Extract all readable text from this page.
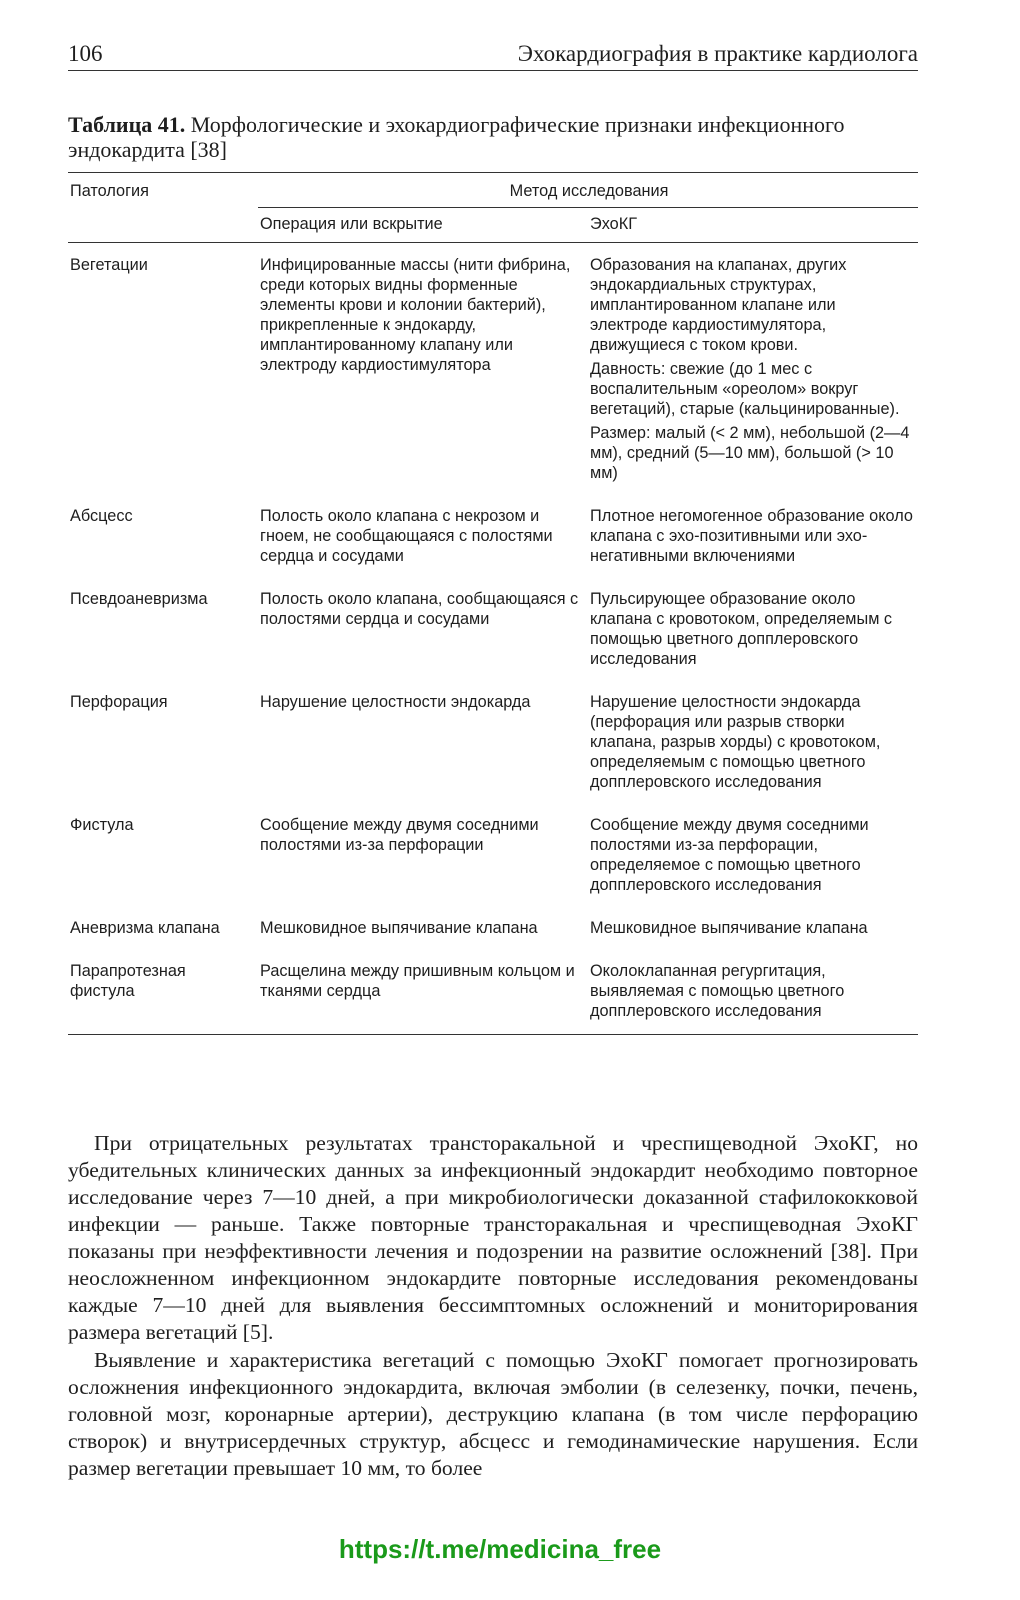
106	Эхокардиография в практике кардиолога
Таблица 41. Морфологические и эхокардиографические признаки инфекционного эндокардита [38]
Патология	Метод исследования	
	Операция или вскрытие	ЭхоКГ
Вегетации	Инфицированные массы (нити фибрина, среди которых видны форменные элементы крови и колонии бактерий), прикрепленные к эндокарду, имплантированному клапану или электроду кардиостимулятора	Образования на клапанах, других эндокардиальных структурах, имплантированном клапане или электроде кардиостимулятора, движущиеся с током крови.
Давность: свежие (до 1 мес с воспалительным «ореолом» вокруг вегетаций), старые (кальцинированные).
Размер: малый (< 2 мм), небольшой (2—4 мм), средний (5—10 мм), большой (> 10 мм)

Абсцесс	Полость около клапана с некрозом и гноем, не сообщающаяся с полостями сердца и сосудами	Плотное негомогенное образование около клапана с эхо-позитивными или эхо-негативными включениями

Псевдоаневризма	Полость около клапана, сообщающаяся с полостями сердца и сосудами	Пульсирующее образование около клапана с кровотоком, определяемым с помощью цветного допплеровского исследования

Перфорация	Нарушение целостности эндокарда	Нарушение целостности эндокарда (перфорация или разрыв створки клапана, разрыв хорды) с кровотоком, определяемым с помощью цветного допплеровского исследования

Фистула	Сообщение между двумя соседними полостями из-за перфорации	Сообщение между двумя соседними полостями из-за перфорации, определяемое с помощью цветного допплеровского исследования

Аневризма клапана	Мешковидное выпячивание клапана	Мешковидное выпячивание клапана

Парапротезная фистула	Расщелина между пришивным кольцом и тканями сердца	Околоклапанная регургитация, выявляемая с помощью цветного допплеровского исследования

При отрицательных результатах трансторакальной и чреспищеводной ЭхоКГ, но убедительных клинических данных за инфекционный эндокардит необходимо повторное исследование через 7—10 дней, а при микробиологически доказанной стафилококковой инфекции — раньше. Также повторные трансторакальная и чреспищеводная ЭхоКГ показаны при неэффективности лечения и подозрении на развитие осложнений [38]. При неосложненном инфекционном эндокардите повторные исследования рекомендованы каждые 7—10 дней для выявления бессимптомных осложнений и мониторирования размера вегетаций [5].

Выявление и характеристика вегетаций с помощью ЭхоКГ помогает прогнозировать осложнения инфекционного эндокардита, включая эмболии (в селезенку, почки, печень, головной мозг, коронарные артерии), деструкцию клапана (в том числе перфорацию створок) и внутрисердечных структур, абсцесс и гемодинамические нарушения. Если размер вегетации превышает 10 мм, то более

https://t.me/medicina_free
